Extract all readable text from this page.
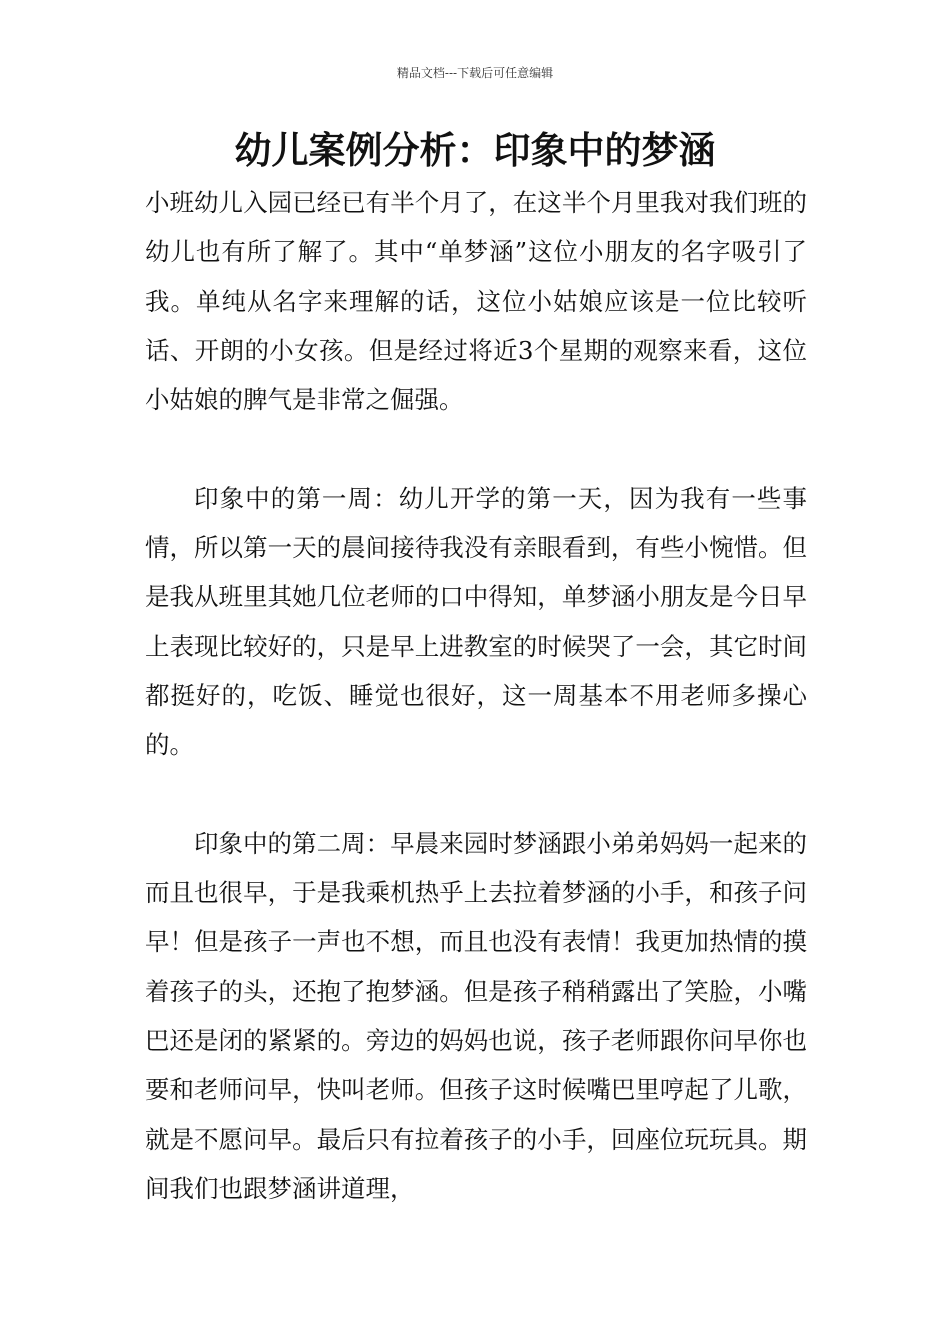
精品文档---下载后可任意编辑
幼儿案例分析：印象中的梦涵

小班幼儿入园已经已有半个月了，在这半个月里我对我们班的幼儿也有所了解了。其中“单梦涵”这位小朋友的名字吸引了我。单纯从名字来理解的话，这位小姑娘应该是一位比较听话、开朗的小女孩。但是经过将近3个星期的观察来看，这位小姑娘的脾气是非常之倔强。

印象中的第一周：幼儿开学的第一天，因为我有一些事情，所以第一天的晨间接待我没有亲眼看到，有些小惋惜。但是我从班里其她几位老师的口中得知，单梦涵小朋友是今日早上表现比较好的，只是早上进教室的时候哭了一会，其它时间都挺好的，吃饭、睡觉也很好，这一周基本不用老师多操心的。

印象中的第二周：早晨来园时梦涵跟小弟弟妈妈一起来的而且也很早，于是我乘机热乎上去拉着梦涵的小手，和孩子问早！但是孩子一声也不想，而且也没有表情！我更加热情的摸着孩子的头，还抱了抱梦涵。但是孩子稍稍露出了笑脸，小嘴巴还是闭的紧紧的。旁边的妈妈也说，孩子老师跟你问早你也要和老师问早，快叫老师。但孩子这时候嘴巴里哼起了儿歌，就是不愿问早。最后只有拉着孩子的小手，回座位玩玩具。期间我们也跟梦涵讲道理，
